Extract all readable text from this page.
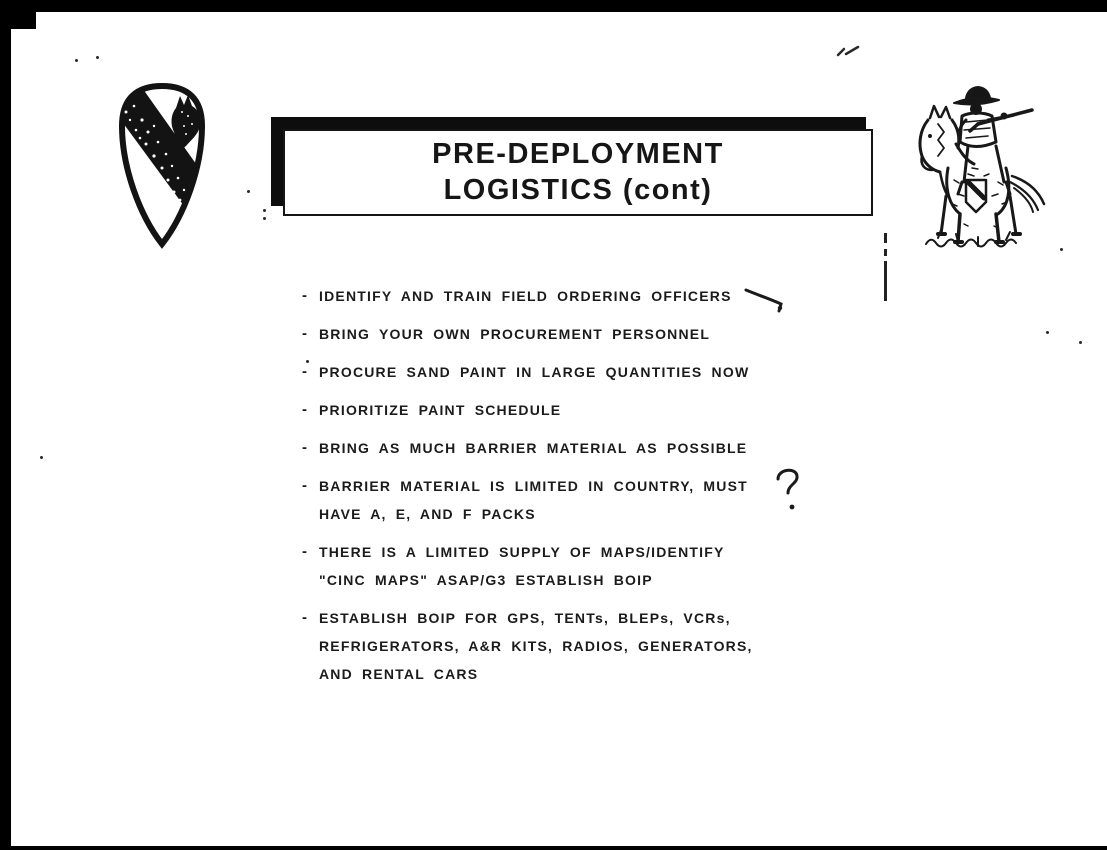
PRE-DEPLOYMENT
LOGISTICS (cont)
- IDENTIFY AND TRAIN FIELD ORDERING OFFICERS
- BRING YOUR OWN PROCUREMENT PERSONNEL
- PROCURE SAND PAINT IN LARGE QUANTITIES NOW
- PRIORITIZE PAINT SCHEDULE
- BRING AS MUCH BARRIER MATERIAL AS POSSIBLE
- BARRIER MATERIAL IS LIMITED IN COUNTRY, MUST
HAVE A, E, AND F PACKS
- THERE IS A LIMITED SUPPLY OF MAPS/IDENTIFY
"CINC MAPS" ASAP/G3 ESTABLISH BOIP
- ESTABLISH BOIP FOR GPS, TENTs, BLEPs, VCRs,
REFRIGERATORS, A&R KITS, RADIOS, GENERATORS,
AND RENTAL CARS
